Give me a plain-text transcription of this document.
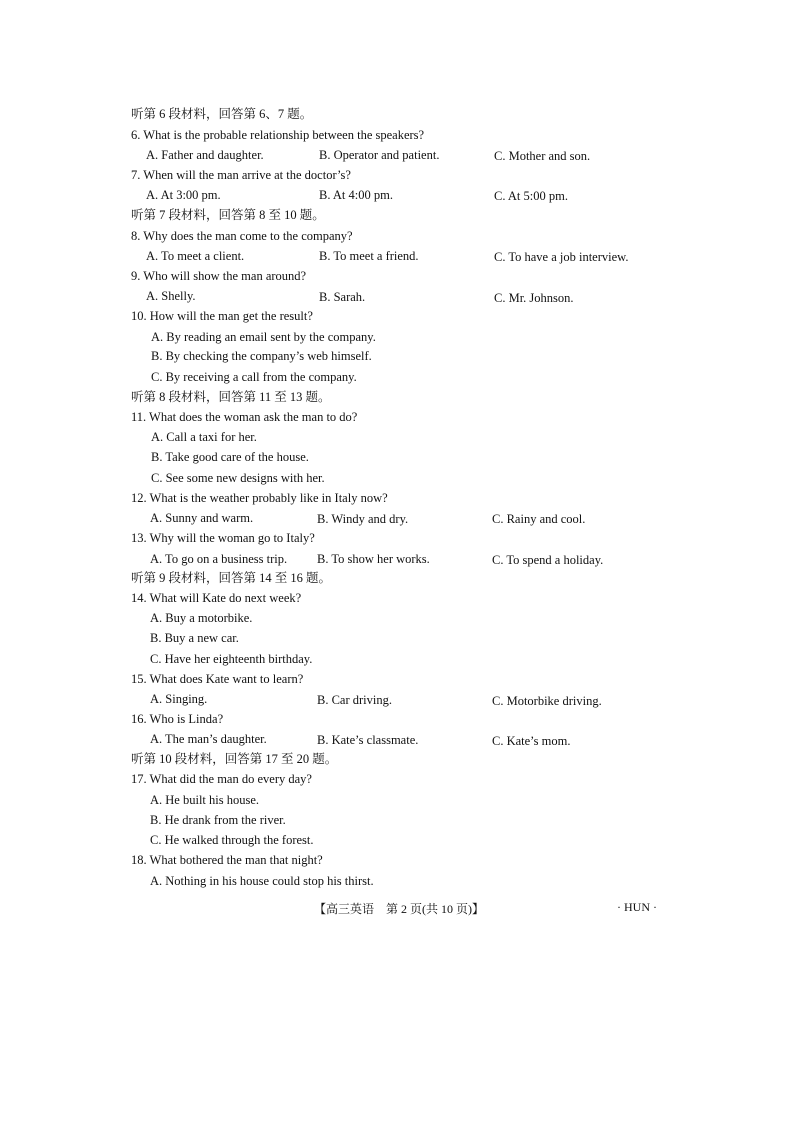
听第 6 段材料，回答第 6、7 题。
6. What is the probable relationship between the speakers?
A. Father and daughter.	B. Operator and patient.	C. Mother and son.
7. When will the man arrive at the doctor’s?
A. At 3:00 pm.	B. At 4:00 pm.	C. At 5:00 pm.
听第 7 段材料，回答第 8 至 10 题。
8. Why does the man come to the company?
A. To meet a client.	B. To meet a friend.	C. To have a job interview.
9. Who will show the man around?
A. Shelly.	B. Sarah.	C. Mr. Johnson.
10. How will the man get the result?
A. By reading an email sent by the company.
B. By checking the company’s web himself.
C. By receiving a call from the company.
听第 8 段材料，回答第 11 至 13 题。
11. What does the woman ask the man to do?
A. Call a taxi for her.
B. Take good care of the house.
C. See some new designs with her.
12. What is the weather probably like in Italy now?
A. Sunny and warm.	B. Windy and dry.	C. Rainy and cool.
13. Why will the woman go to Italy?
A. To go on a business trip. B. To show her works.	C. To spend a holiday.
听第 9 段材料，回答第 14 至 16 题。
14. What will Kate do next week?
A. Buy a motorbike.
B. Buy a new car.
C. Have her eighteenth birthday.
15. What does Kate want to learn?
A. Singing.	B. Car driving.	C. Motorbike driving.
16. Who is Linda?
A. The man’s daughter.	B. Kate’s classmate.	C. Kate’s mom.
听第 10 段材料，回答第 17 至 20 题。
17. What did the man do every day?
A. He built his house.
B. He drank from the river.
C. He walked through the forest.
18. What bothered the man that night?
A. Nothing in his house could stop his thirst.
【高三英语　第 2 页(共 10 页)】	· HUN ·
